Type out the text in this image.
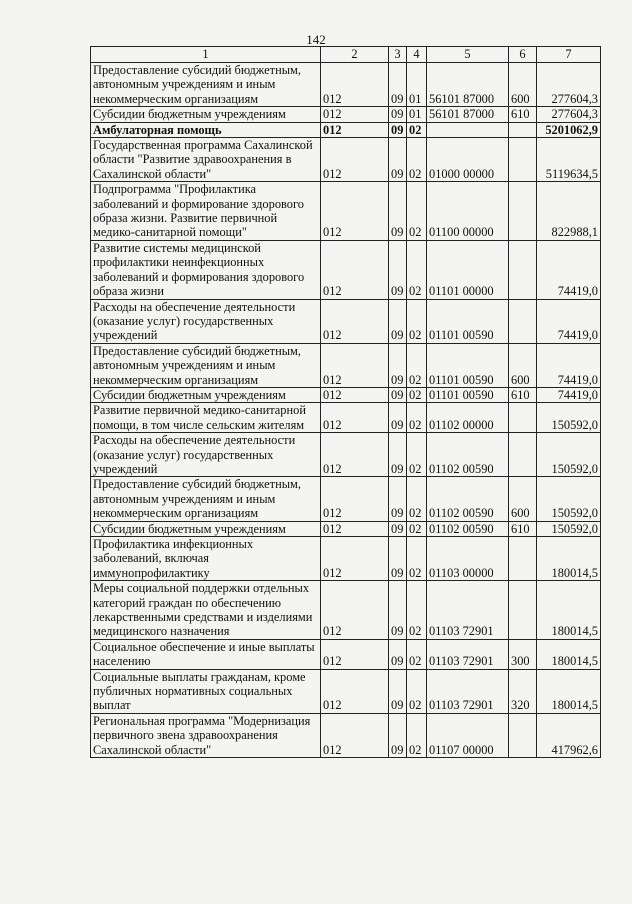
142
1	2	3	4	5	6	7
Предоставление субсидий бюджетным, автономным учреждениям и иным некоммерческим организациям	012	09	01	56101 87000	600	277604,3
Субсидии бюджетным учреждениям	012	09	01	56101 87000	610	277604,3
Амбулаторная помощь	012	09	02			5201062,9
Государственная программа Сахалинской области "Развитие здравоохранения в Сахалинской области"	012	09	02	01000 00000		5119634,5
Подпрограмма "Профилактика заболеваний и формирование здорового образа жизни. Развитие первичной медико-санитарной помощи"	012	09	02	01100 00000		822988,1
Развитие системы медицинской профилактики неинфекционных заболеваний и формирования здорового образа жизни	012	09	02	01101 00000		74419,0
Расходы на обеспечение деятельности (оказание услуг) государственных учреждений	012	09	02	01101 00590		74419,0
Предоставление субсидий бюджетным, автономным учреждениям и иным некоммерческим организациям	012	09	02	01101 00590	600	74419,0
Субсидии бюджетным учреждениям	012	09	02	01101 00590	610	74419,0
Развитие первичной медико-санитарной помощи, в том числе сельским жителям	012	09	02	01102 00000		150592,0
Расходы на обеспечение деятельности (оказание услуг) государственных учреждений	012	09	02	01102 00590		150592,0
Предоставление субсидий бюджетным, автономным учреждениям и иным некоммерческим организациям	012	09	02	01102 00590	600	150592,0
Субсидии бюджетным учреждениям	012	09	02	01102 00590	610	150592,0
Профилактика инфекционных заболеваний, включая иммунопрофилактику	012	09	02	01103 00000		180014,5
Меры социальной поддержки отдельных категорий граждан по обеспечению лекарственными средствами и изделиями медицинского назначения	012	09	02	01103 72901		180014,5
Социальное обеспечение и иные выплаты населению	012	09	02	01103 72901	300	180014,5
Социальные выплаты гражданам, кроме публичных нормативных социальных выплат	012	09	02	01103 72901	320	180014,5
Региональная программа "Модернизация первичного звена здравоохранения Сахалинской области"	012	09	02	01107 00000		417962,6
